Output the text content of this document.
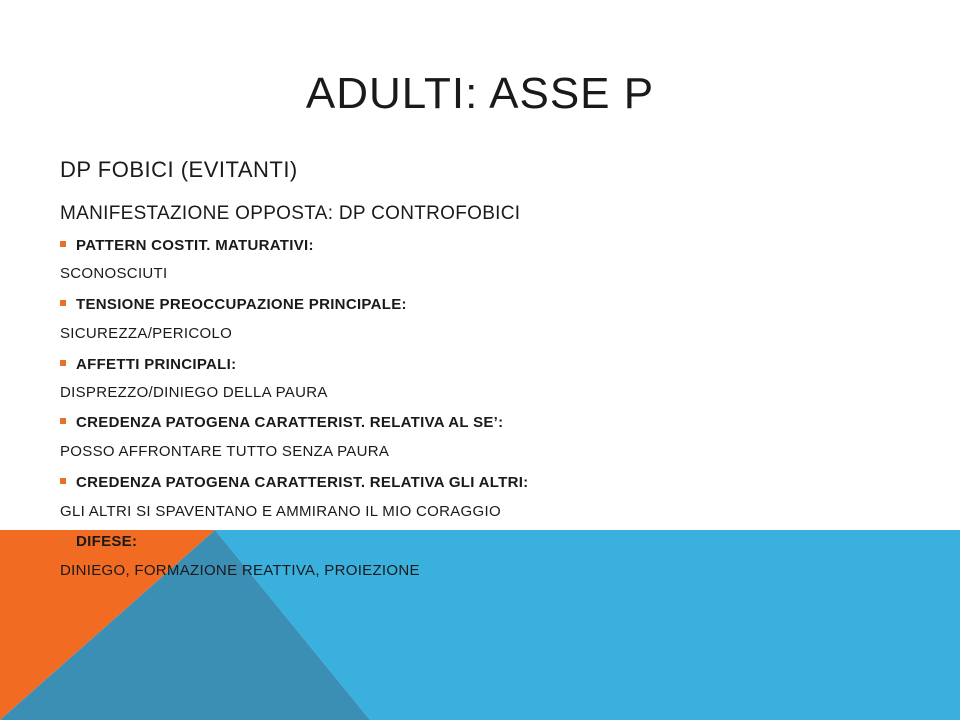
ADULTI: ASSE P
DP FOBICI (EVITANTI)
MANIFESTAZIONE OPPOSTA: DP CONTROFOBICI
PATTERN COSTIT. MATURATIVI:
SCONOSCIUTI
TENSIONE PREOCCUPAZIONE PRINCIPALE:
SICUREZZA/PERICOLO
AFFETTI PRINCIPALI:
DISPREZZO/DINIEGO DELLA PAURA
CREDENZA PATOGENA CARATTERIST. RELATIVA AL SE’:
POSSO AFFRONTARE TUTTO SENZA PAURA
CREDENZA PATOGENA CARATTERIST. RELATIVA GLI ALTRI:
GLI ALTRI SI SPAVENTANO E AMMIRANO IL MIO CORAGGIO
DIFESE:
DINIEGO, FORMAZIONE REATTIVA, PROIEZIONE
